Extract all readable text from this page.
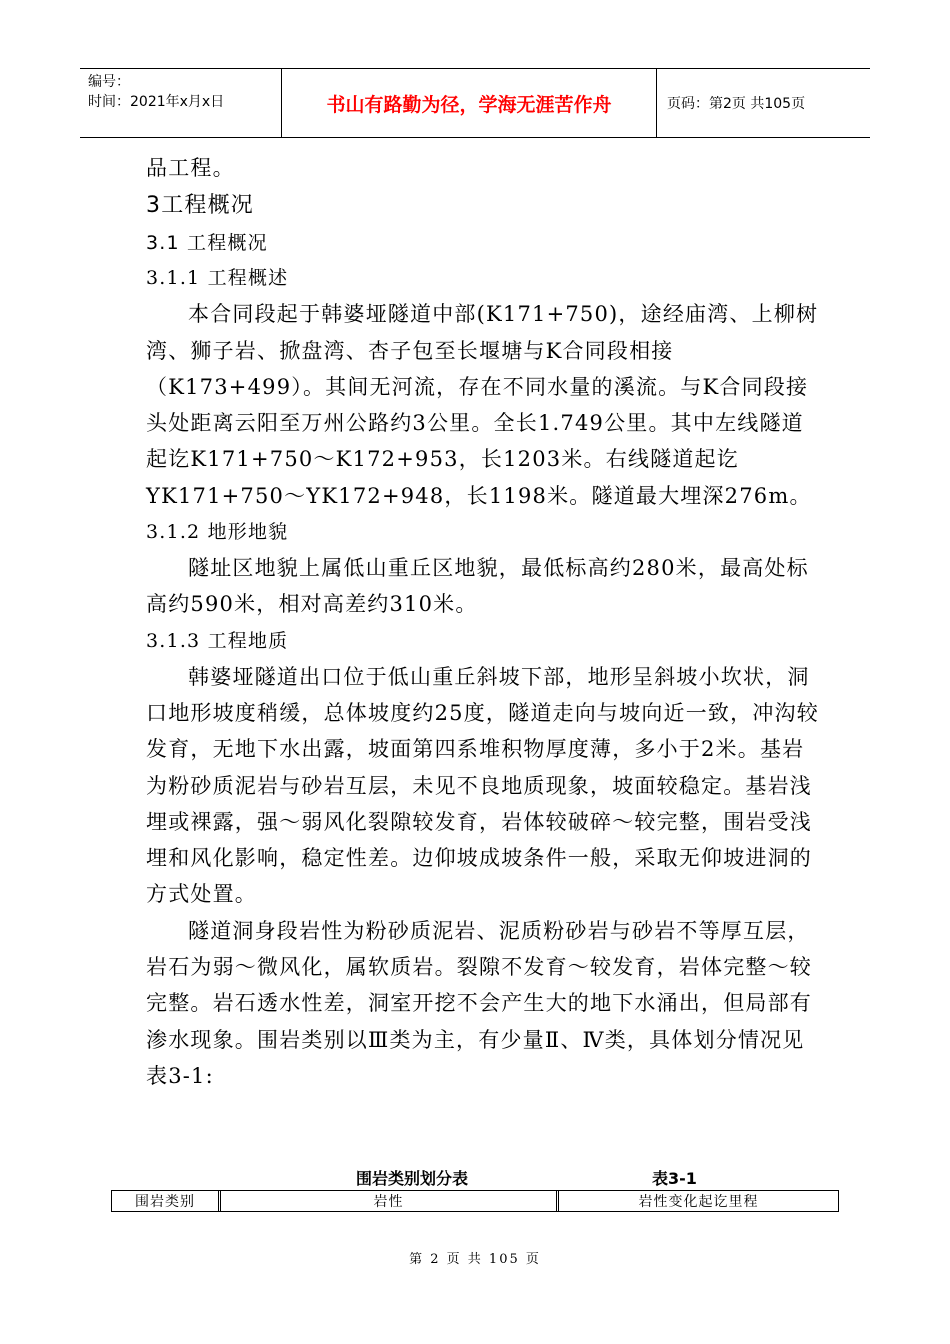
编号：
时间：2021年x月x日	书山有路勤为径，学海无涯苦作舟	页码：第2页 共105页

品工程。

3工程概况

3.1 工程概况

3.1.1 工程概述

本合同段起于韩婆垭隧道中部(K171+750)，途经庙湾、上柳树湾、狮子岩、掀盘湾、杏子包至长堰塘与K合同段相接（K173+499）。其间无河流，存在不同水量的溪流。与K合同段接头处距离云阳至万州公路约3公里。全长1.749公里。其中左线隧道起讫K171+750～K172+953，长1203米。右线隧道起讫YK171+750～YK172+948，长1198米。隧道最大埋深276m。

3.1.2 地形地貌

隧址区地貌上属低山重丘区地貌，最低标高约280米，最高处标高约590米，相对高差约310米。

3.1.3 工程地质

韩婆垭隧道出口位于低山重丘斜坡下部，地形呈斜坡小坎状，洞口地形坡度稍缓，总体坡度约25度，隧道走向与坡向近一致，冲沟较发育，无地下水出露，坡面第四系堆积物厚度薄，多小于2米。基岩为粉砂质泥岩与砂岩互层，未见不良地质现象，坡面较稳定。基岩浅埋或裸露，强～弱风化裂隙较发育，岩体较破碎～较完整，围岩受浅埋和风化影响，稳定性差。边仰坡成坡条件一般，采取无仰坡进洞的方式处置。

隧道洞身段岩性为粉砂质泥岩、泥质粉砂岩与砂岩不等厚互层，岩石为弱～微风化，属软质岩。裂隙不发育～较发育，岩体完整～较完整。岩石透水性差，洞室开挖不会产生大的地下水涌出，但局部有渗水现象。围岩类别以Ⅲ类为主，有少量Ⅱ、Ⅳ类，具体划分情况见表3-1:

围岩类别划分表	表3-1
围岩类别	岩性	岩性变化起讫里程
第 2 页 共 105 页
